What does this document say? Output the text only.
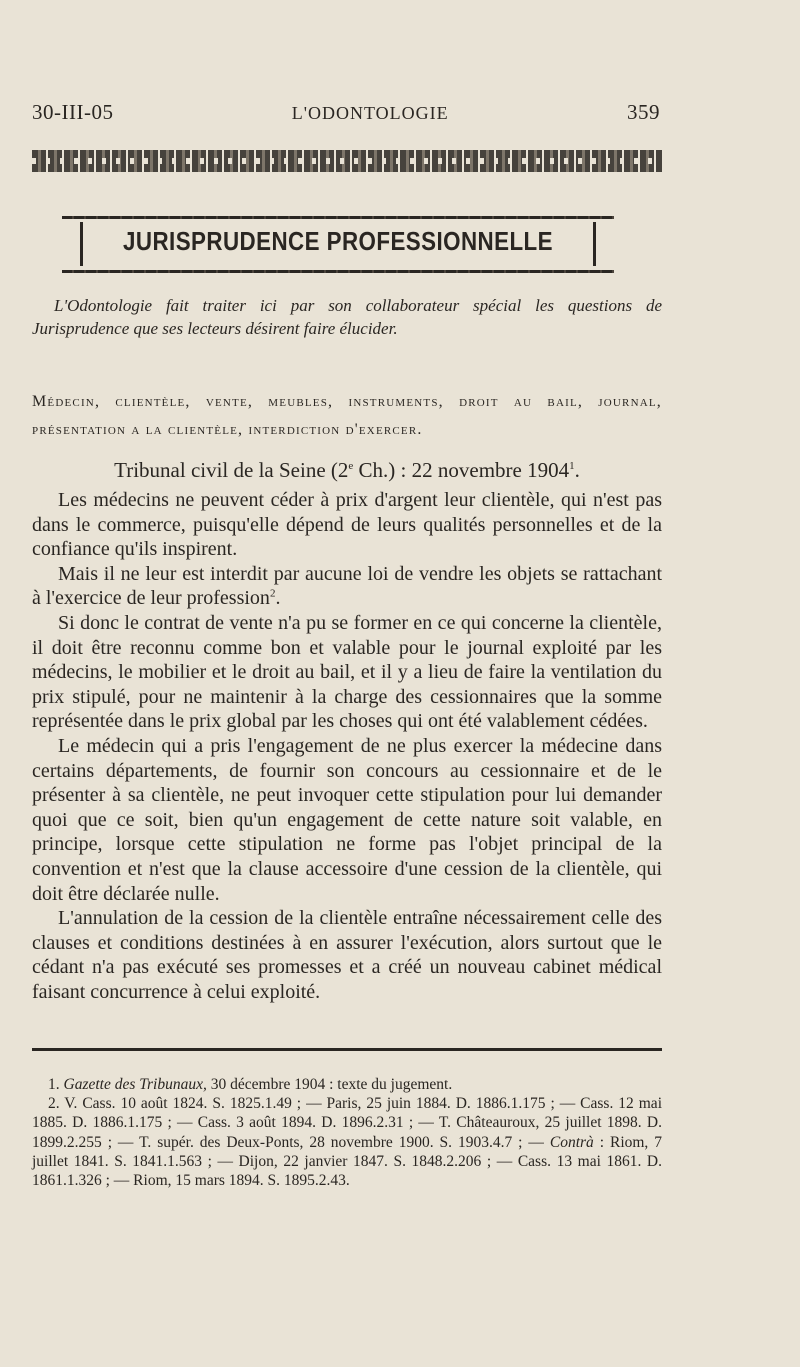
30-III-05	L'ODONTOLOGIE	359
JURISPRUDENCE PROFESSIONNELLE
L'Odontologie fait traiter ici par son collaborateur spécial les questions de Jurisprudence que ses lecteurs désirent faire élucider.
Médecin, clientèle, vente, meubles, instruments, droit au bail, journal, présentation a la clientèle, interdiction d'exercer.
Tribunal civil de la Seine (2e Ch.) : 22 novembre 1904$^1$.

Les médecins ne peuvent céder à prix d'argent leur clientèle, qui n'est pas dans le commerce, puisqu'elle dépend de leurs qualités personnelles et de la confiance qu'ils inspirent.

Mais il ne leur est interdit par aucune loi de vendre les objets se rattachant à l'exercice de leur profession$^2$.

Si donc le contrat de vente n'a pu se former en ce qui concerne la clientèle, il doit être reconnu comme bon et valable pour le journal exploité par les médecins, le mobilier et le droit au bail, et il y a lieu de faire la ventilation du prix stipulé, pour ne maintenir à la charge des cessionnaires que la somme représentée dans le prix global par les choses qui ont été valablement cédées.

Le médecin qui a pris l'engagement de ne plus exercer la médecine dans certains départements, de fournir son concours au cessionnaire et de le présenter à sa clientèle, ne peut invoquer cette stipulation pour lui demander quoi que ce soit, bien qu'un engagement de cette nature soit valable, en principe, lorsque cette stipulation ne forme pas l'objet principal de la convention et n'est que la clause accessoire d'une cession de la clientèle, qui doit être déclarée nulle.

L'annulation de la cession de la clientèle entraîne nécessairement celle des clauses et conditions destinées à en assurer l'exécution, alors surtout que le cédant n'a pas exécuté ses promesses et a créé un nouveau cabinet médical faisant concurrence à celui exploité.

1. Gazette des Tribunaux, 30 décembre 1904 : texte du jugement.

2. V. Cass. 10 août 1824. S. 1825.1.49 ; — Paris, 25 juin 1884. D. 1886.1.175 ; — Cass. 12 mai 1885. D. 1886.1.175 ; — Cass. 3 août 1894. D. 1896.2.31 ; — T. Châteauroux, 25 juillet 1898. D. 1899.2.255 ; — T. supér. des Deux-Ponts, 28 novembre 1900. S. 1903.4.7 ; — Contrà : Riom, 7 juillet 1841. S. 1841.1.563 ; — Dijon, 22 janvier 1847. S. 1848.2.206 ; — Cass. 13 mai 1861. D. 1861.1.326 ; — Riom, 15 mars 1894. S. 1895.2.43.
